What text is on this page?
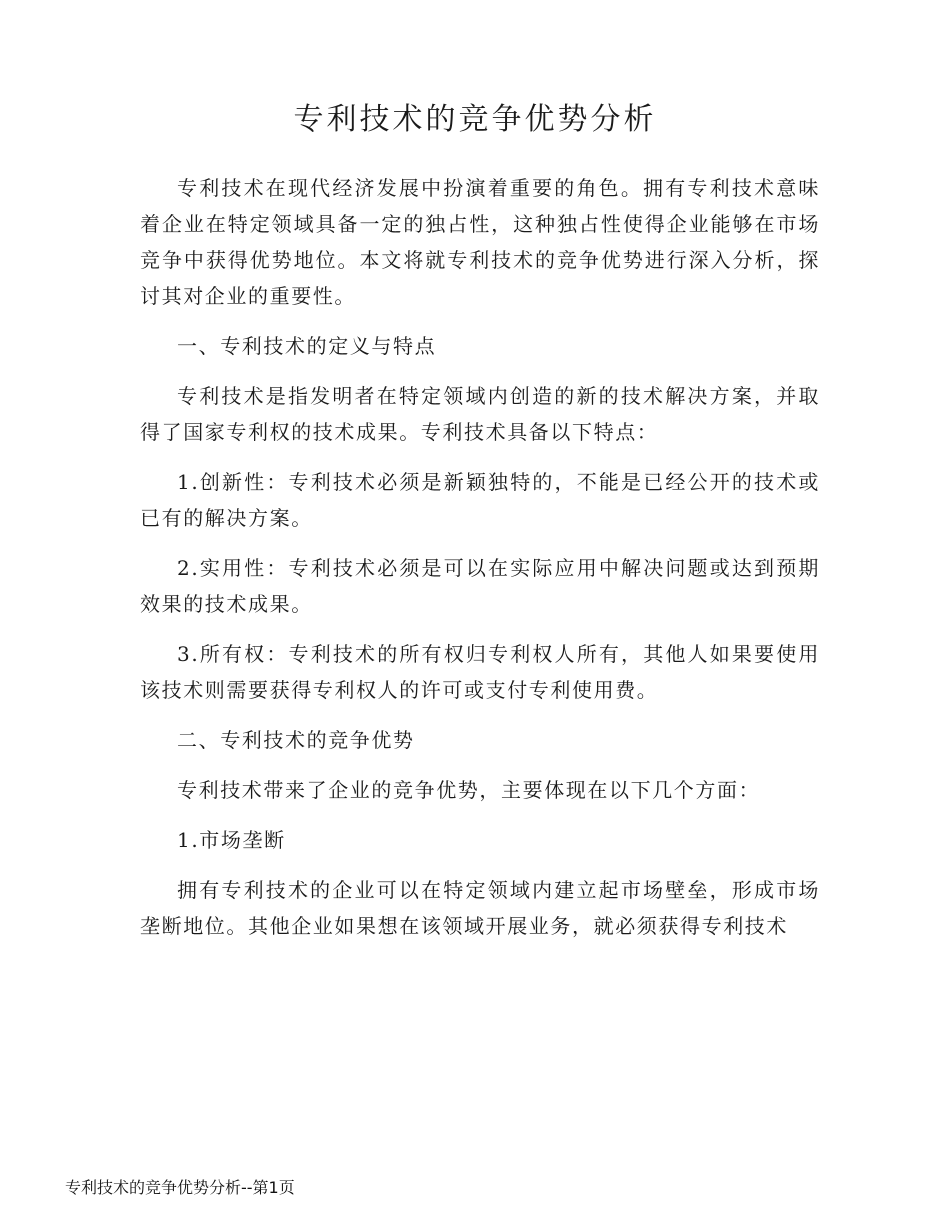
专利技术的竞争优势分析

专利技术在现代经济发展中扮演着重要的角色。拥有专利技术意味着企业在特定领域具备一定的独占性，这种独占性使得企业能够在市场竞争中获得优势地位。本文将就专利技术的竞争优势进行深入分析，探讨其对企业的重要性。

一、专利技术的定义与特点

专利技术是指发明者在特定领域内创造的新的技术解决方案，并取得了国家专利权的技术成果。专利技术具备以下特点：

1.创新性：专利技术必须是新颖独特的，不能是已经公开的技术或已有的解决方案。

2.实用性：专利技术必须是可以在实际应用中解决问题或达到预期效果的技术成果。

3.所有权：专利技术的所有权归专利权人所有，其他人如果要使用该技术则需要获得专利权人的许可或支付专利使用费。

二、专利技术的竞争优势

专利技术带来了企业的竞争优势，主要体现在以下几个方面：

1.市场垄断

拥有专利技术的企业可以在特定领域内建立起市场壁垒，形成市场垄断地位。其他企业如果想在该领域开展业务，就必须获得专利技术

专利技术的竞争优势分析--第1页
